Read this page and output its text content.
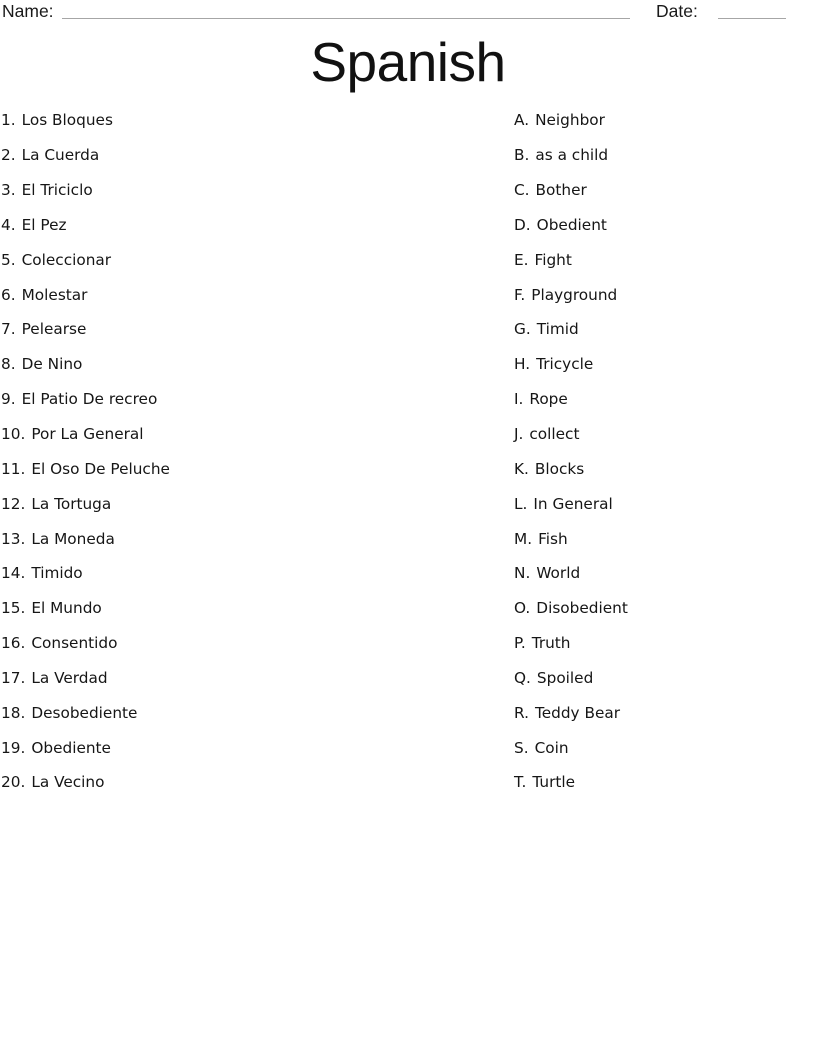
Name:	Date:
Spanish
1. Los Bloques
2. La Cuerda
3. El Triciclo
4. El Pez
5. Coleccionar
6. Molestar
7. Pelearse
8. De Nino
9. El Patio De recreo
10. Por La General
11. El Oso De Peluche
12. La Tortuga
13. La Moneda
14. Timido
15. El Mundo
16. Consentido
17. La Verdad
18. Desobediente
19. Obediente
20. La Vecino
A. Neighbor
B. as a child
C. Bother
D. Obedient
E. Fight
F. Playground
G. Timid
H. Tricycle
I. Rope
J. collect
K. Blocks
L. In General
M. Fish
N. World
O. Disobedient
P. Truth
Q. Spoiled
R. Teddy Bear
S. Coin
T. Turtle
